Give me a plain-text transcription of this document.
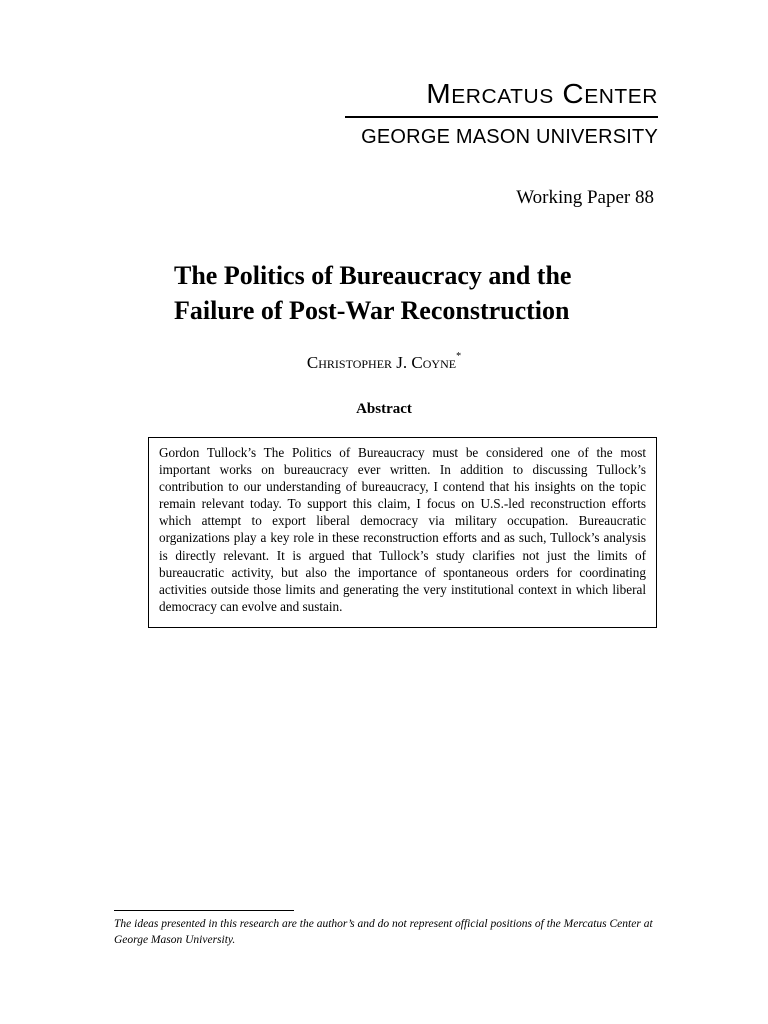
Mercatus Center
GEORGE MASON UNIVERSITY
Working Paper 88
The Politics of Bureaucracy and the
Failure of Post-War Reconstruction
Christopher J. Coyne*
Abstract
Gordon Tullock’s The Politics of Bureaucracy must be considered one of the most important works on bureaucracy ever written. In addition to discussing Tullock’s contribution to our understanding of bureaucracy, I contend that his insights on the topic remain relevant today. To support this claim, I focus on U.S.-led reconstruction efforts which attempt to export liberal democracy via military occupation. Bureaucratic organizations play a key role in these reconstruction efforts and as such, Tullock’s analysis is directly relevant. It is argued that Tullock’s study clarifies not just the limits of bureaucratic activity, but also the importance of spontaneous orders for coordinating activities outside those limits and generating the very institutional context in which liberal democracy can evolve and sustain.
The ideas presented in this research are the author’s and do not represent official positions of the Mercatus Center at George Mason University.
